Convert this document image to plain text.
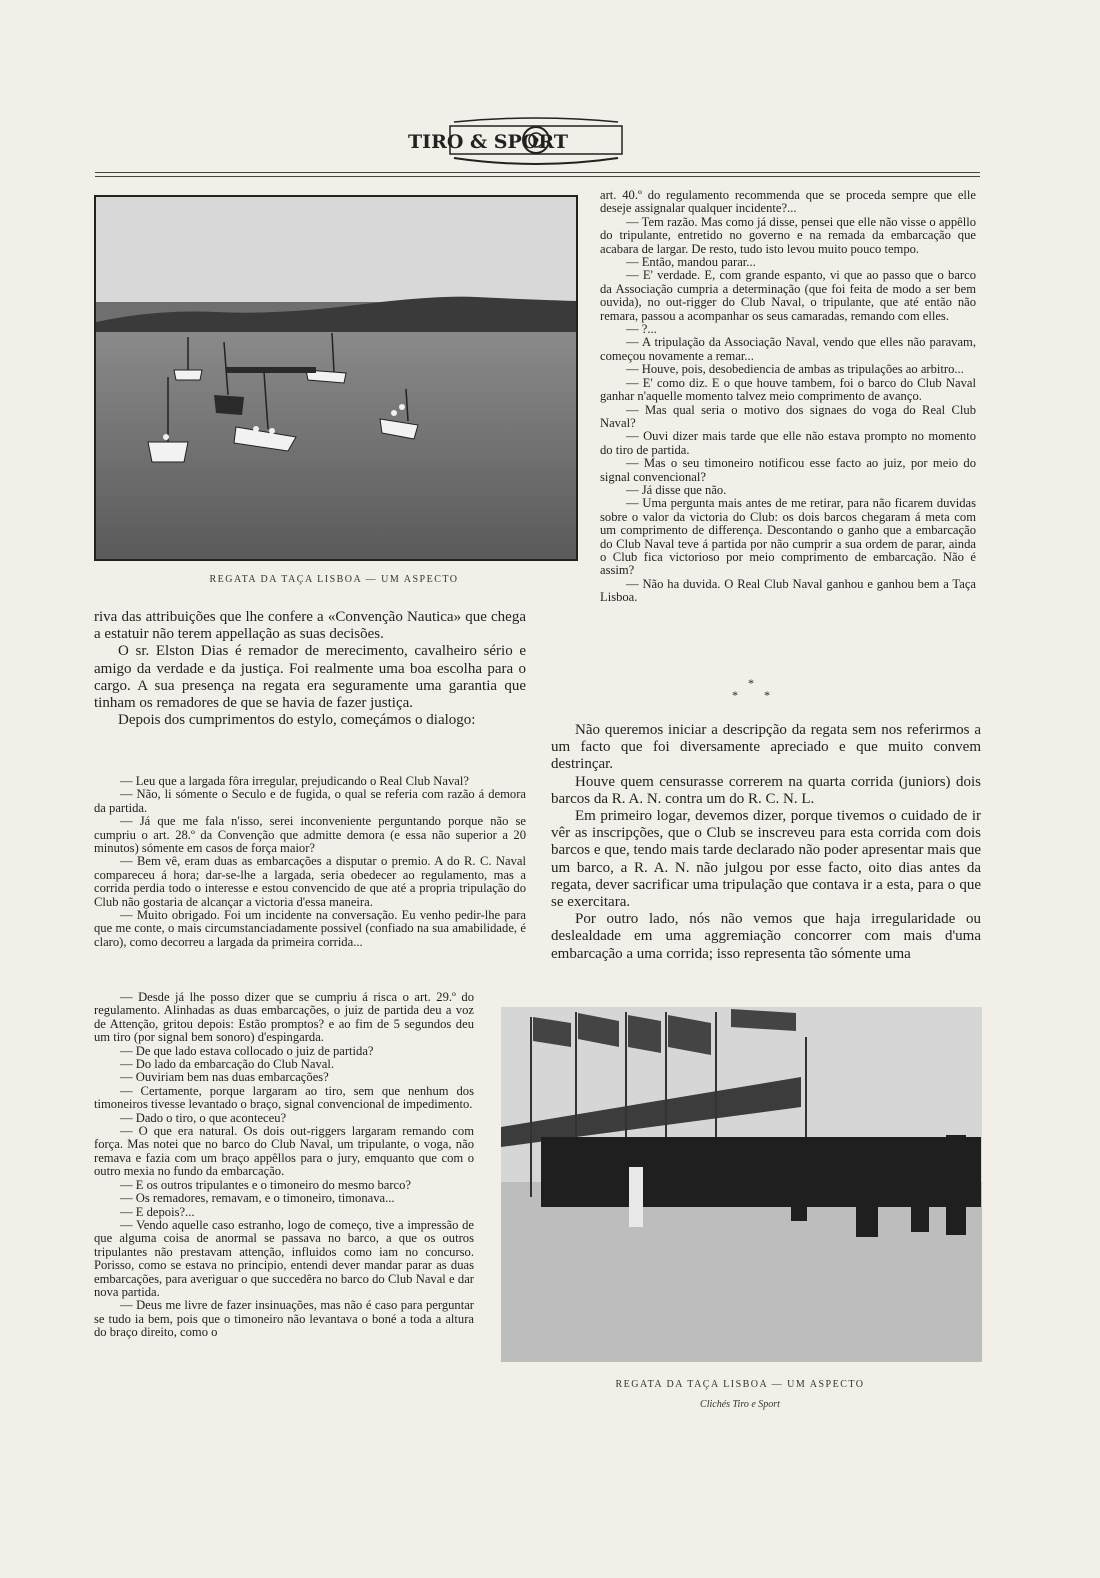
TIRO & SPORT
REGATA DA TAÇA LISBOA — UM ASPECTO

art. 40.º do regulamento recommenda que se proceda sempre que elle deseje assignalar qualquer incidente?...

— Tem razão. Mas como já disse, pensei que elle não visse o appêllo do tripulante, entretido no governo e na remada da embarcação que acabara de largar. De resto, tudo isto levou muito pouco tempo.

— Então, mandou parar...

— E' verdade. E, com grande espanto, vi que ao passo que o barco da Associação cumpria a determinação (que foi feita de modo a ser bem ouvida), no out-rigger do Club Naval, o tripulante, que até então não remara, passou a acompanhar os seus camaradas, remando com elles.

— ?...

— A tripulação da Associação Naval, vendo que elles não paravam, começou novamente a remar...

— Houve, pois, desobediencia de ambas as tripulações ao arbitro...

— E' como diz. E o que houve tambem, foi o barco do Club Naval ganhar n'aquelle momento talvez meio comprimento de avanço.

— Mas qual seria o motivo dos signaes do voga do Real Club Naval?

— Ouvi dizer mais tarde que elle não estava prompto no momento do tiro de partida.

— Mas o seu timoneiro notificou esse facto ao juiz, por meio do signal convencional?

— Já disse que não.

— Uma pergunta mais antes de me retirar, para não ficarem duvidas sobre o valor da victoria do Club: os dois barcos chegaram á meta com um comprimento de differença. Descontando o ganho que a embarcação do Club Naval teve á partida por não cumprir a sua ordem de parar, ainda o Club fica victorioso por meio comprimento de embarcação. Não é assim?

— Não ha duvida. O Real Club Naval ganhou e ganhou bem a Taça Lisboa.

riva das attribuições que lhe confere a «Convenção Nautica» que chega a estatuir não terem appellação as suas decisões.

O sr. Elston Dias é remador de merecimento, cavalheiro sério e amigo da verdade e da justiça. Foi realmente uma boa escolha para o cargo. A sua presença na regata era seguramente uma garantia que tinham os remadores de que se havia de fazer justiça.

Depois dos cumprimentos do estylo, começámos o dialogo:

*
* *

Não queremos iniciar a descripção da regata sem nos referirmos a um facto que foi diversamente apreciado e que muito convem destrinçar.

Houve quem censurasse correrem na quarta corrida (juniors) dois barcos da R. A. N. contra um do R. C. N. L.

Em primeiro logar, devemos dizer, porque tivemos o cuidado de ir vêr as inscripções, que o Club se inscreveu para esta corrida com dois barcos e que, tendo mais tarde declarado não poder apresentar mais que um barco, a R. A. N. não julgou por esse facto, oito dias antes da regata, dever sacrificar uma tripulação que contava ir a esta, para o que se exercitara.

Por outro lado, nós não vemos que haja irregularidade ou deslealdade em uma aggremiação concorrer com mais d'uma embarcação a uma corrida; isso representa tão sómente uma

— Leu que a largada fôra irregular, prejudicando o Real Club Naval?

— Não, li sómente o Seculo e de fugida, o qual se referia com razão á demora da partida.

— Já que me fala n'isso, serei inconveniente perguntando porque não se cumpriu o art. 28.º da Convenção que admitte demora (e essa não superior a 20 minutos) sómente em casos de força maior?

— Bem vê, eram duas as embarcações a disputar o premio. A do R. C. Naval compareceu á hora; dar-se-lhe a largada, seria obedecer ao regulamento, mas a corrida perdia todo o interesse e estou convencido de que até a propria tripulação do Club não gostaria de alcançar a victoria d'essa maneira.

— Muito obrigado. Foi um incidente na conversação. Eu venho pedir-lhe para que me conte, o mais circumstanciadamente possivel (confiado na sua amabilidade, é claro), como decorreu a largada da primeira corrida...

— Desde já lhe posso dizer que se cumpriu á risca o art. 29.º do regulamento. Alinhadas as duas embarcações, o juiz de partida deu a voz de Attenção, gritou depois: Estão promptos? e ao fim de 5 segundos deu um tiro (por signal bem sonoro) d'espingarda.

— De que lado estava collocado o juiz de partida?

— Do lado da embarcação do Club Naval.

— Ouviriam bem nas duas embarcações?

— Certamente, porque largaram ao tiro, sem que nenhum dos timoneiros tivesse levantado o braço, signal convencional de impedimento.

— Dado o tiro, o que aconteceu?

— O que era natural. Os dois out-riggers largaram remando com força. Mas notei que no barco do Club Naval, um tripulante, o voga, não remava e fazia com um braço appêllos para o jury, emquanto que com o outro mexia no fundo da embarcação.

— E os outros tripulantes e o timoneiro do mesmo barco?

— Os remadores, remavam, e o timoneiro, timonava...

— E depois?...

— Vendo aquelle caso estranho, logo de começo, tive a impressão de que alguma coisa de anormal se passava no barco, a que os outros tripulantes não prestavam attenção, influidos como iam no concurso. Porisso, como se estava no principio, entendi dever mandar parar as duas embarcações, para averiguar o que succedêra no barco do Club Naval e dar nova partida.

— Deus me livre de fazer insinuações, mas não é caso para perguntar se tudo ia bem, pois que o timoneiro não levantava o boné a toda a altura do braço direito, como o

REGATA DA TAÇA LISBOA — UM ASPECTO
Clichés Tiro e Sport
